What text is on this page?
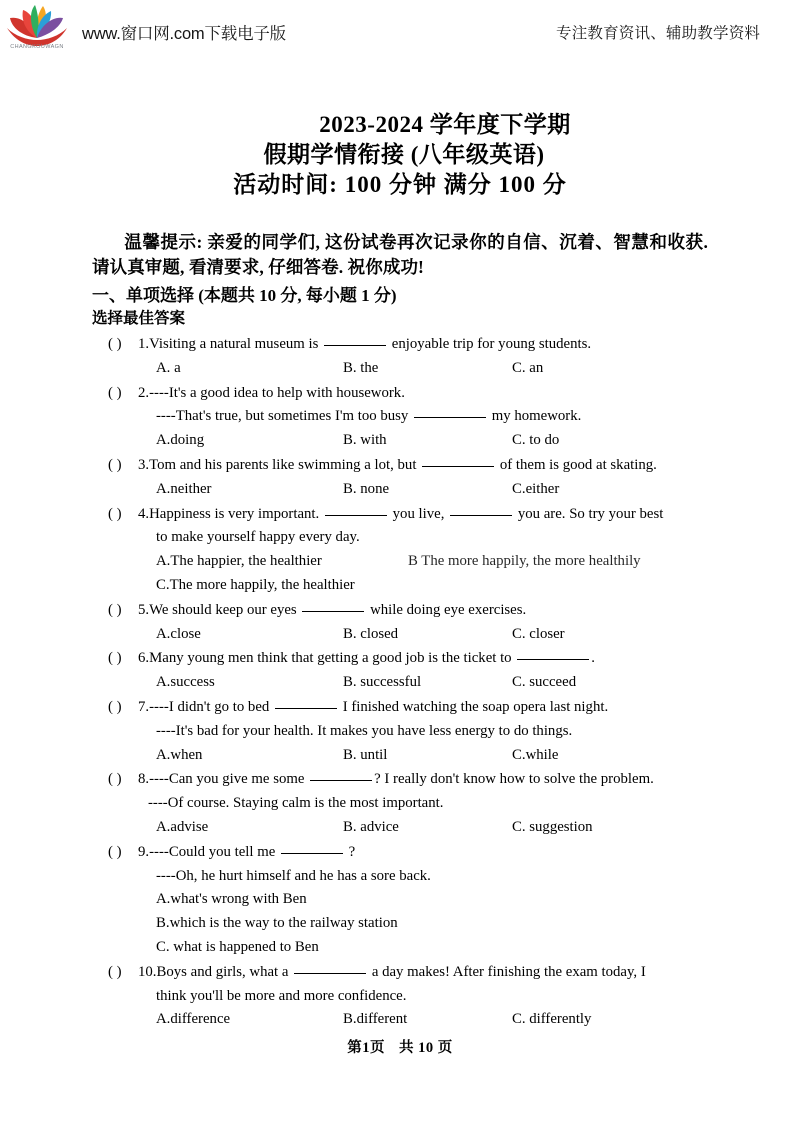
CHANGKOUWAGN
www.窗口网.com下载电子版	专注教育资讯、辅助教学资料
2023-2024 学年度下学期
假期学情衔接 (八年级英语)
活动时间: 100 分钟 满分 100 分
温馨提示: 亲爱的同学们, 这份试卷再次记录你的自信、沉着、智慧和收获. 请认真审题, 看清要求, 仔细答卷. 祝你成功!
一、单项选择 (本题共 10 分, 每小题 1 分)
选择最佳答案
( ) 1.Visiting a natural museum is	enjoyable trip for young students.
A. a	B. the	C. an
( ) 2.----It's a good idea to help with housework.
----That's true, but sometimes I'm too busy	my homework.
A.doing	B. with	C. to do
( ) 3.Tom and his parents like swimming a lot, but	of them is good at skating.
A.neither	B. none	C.either
( ) 4.Happiness is very important.	you live,	you are. So try your best
to make yourself happy every day.
A.The happier, the healthier	B The more happily, the more healthily
C.The more happily, the healthier
( ) 5.We should keep our eyes	while doing eye exercises.
A.close	B. closed	C. closer
( ) 6.Many young men think that getting a good job is the ticket to	.
A.success	B. successful	C. succeed
( ) 7.----I didn't go to bed	I finished watching the soap opera last night.
----It's bad for your health. It makes you have less energy to do things.
A.when	B. until	C.while
( ) 8.----Can you give me some	? I really don't know how to solve the problem.
----Of course. Staying calm is the most important.
A.advise	B. advice	C. suggestion
( ) 9.----Could you tell me	?
----Oh, he hurt himself and he has a sore back.
A.what's wrong with Ben
B.which is the way to the railway station
C. what is happened to Ben
( ) 10.Boys and girls, what a	a day makes! After finishing the exam today, I
think you'll be more and more confidence.
A.difference	B.different	C. differently
第1页 共 10 页
